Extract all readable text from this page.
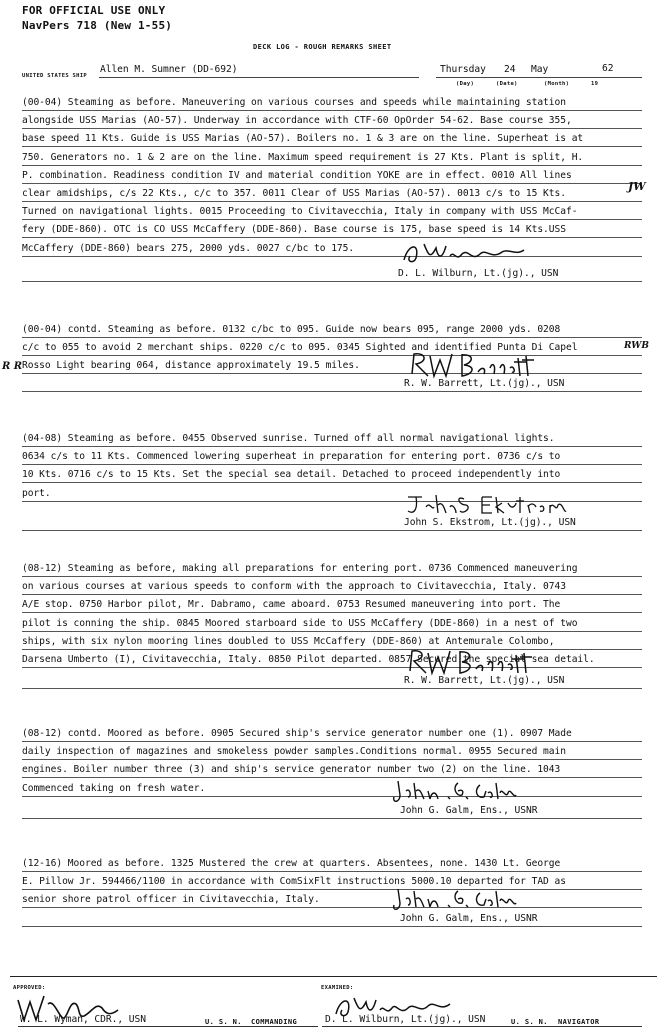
FOR OFFICIAL USE ONLY
NavPers 718 (New 1-55)
DECK LOG - ROUGH REMARKS SHEET
UNITED STATES SHIP
Allen M. Sumner (DD-692)	Thursday 24 May	62
(Day)	(Date)	(Month)	19
(00-04) Steaming as before. Maneuvering on various courses and speeds while maintaining station
alongside USS Marias (AO-57). Underway in accordance with CTF-60 OpOrder 54-62. Base course 355,
base speed 11 Kts. Guide is USS Marias (AO-57). Boilers no. 1 & 3 are on the line. Superheat is at
750. Generators no. 1 & 2 are on the line. Maximum speed requirement is 27 Kts. Plant is split, H.
P. combination. Readiness condition IV and material condition YOKE are in effect. 0010 All lines
clear amidships, c/s 22 Kts., c/c to 357. 0011 Clear of USS Marias (AO-57). 0013 c/s to 15 Kts.
Turned on navigational lights. 0015 Proceeding to Civitavecchia, Italy in company with USS McCaf-
fery (DDE-860). OTC is CO USS McCaffery (DDE-860). Base course is 175, base speed is 14 Kts.USS
McCaffery (DDE-860) bears 275, 2000 yds. 0027 c/bc to 175.
D. L. Wilburn, Lt.(jg)., USN
(00-04) contd. Steaming as before. 0132 c/bc to 095. Guide now bears 095, range 2000 yds. 0208
c/c to 055 to avoid 2 merchant ships. 0220 c/c to 095. 0345 Sighted and identified Punta Di Capel
Rosso Light bearing 064, distance approximately 19.5 miles.
R. W. Barrett, Lt.(jg)., USN
(04-08) Steaming as before. 0455 Observed sunrise. Turned off all normal navigational lights.
0634 c/s to 11 Kts. Commenced lowering superheat in preparation for entering port. 0736 c/s to
10 Kts. 0716 c/s to 15 Kts. Set the special sea detail. Detached to proceed independently into
port.
John S. Ekstrom, Lt.(jg)., USN
(08-12) Steaming as before, making all preparations for entering port. 0736 Commenced maneuvering
on various courses at various speeds to conform with the approach to Civitavecchia, Italy. 0743
A/E stop. 0750 Harbor pilot, Mr. Dabramo, came aboard. 0753 Resumed maneuvering into port. The
pilot is conning the ship. 0845 Moored starboard side to USS McCaffery (DDE-860) in a nest of two
ships, with six nylon mooring lines doubled to USS McCaffery (DDE-860) at Antemurale Colombo,
Darsena Umberto (I), Civitavecchia, Italy. 0850 Pilot departed. 0857 Secured the special sea detail.
R. W. Barrett, Lt.(jg)., USN
(08-12) contd. Moored as before. 0905 Secured ship's service generator number one (1). 0907 Made
daily inspection of magazines and smokeless powder samples.Conditions normal. 0955 Secured main
engines. Boiler number three (3) and ship's service generator number two (2) on the line. 1043
Commenced taking on fresh water.
John G. Galm, Ens., USNR
(12-16) Moored as before. 1325 Mustered the crew at quarters. Absentees, none. 1430 Lt. George
E. Pillow Jr. 594466/1100 in accordance with ComSixFlt instructions 5000.10 departed for TAD as
senior shore patrol officer in Civitavecchia, Italy.
John G. Galm, Ens., USNR
JW
RWB
R R
APPROVED:	EXAMINED:
W. L. Wyman, CDR., USN	U. S. N. COMMANDING	D. L. Wilburn, Lt.(jg)., USN	U. S. N. NAVIGATOR
